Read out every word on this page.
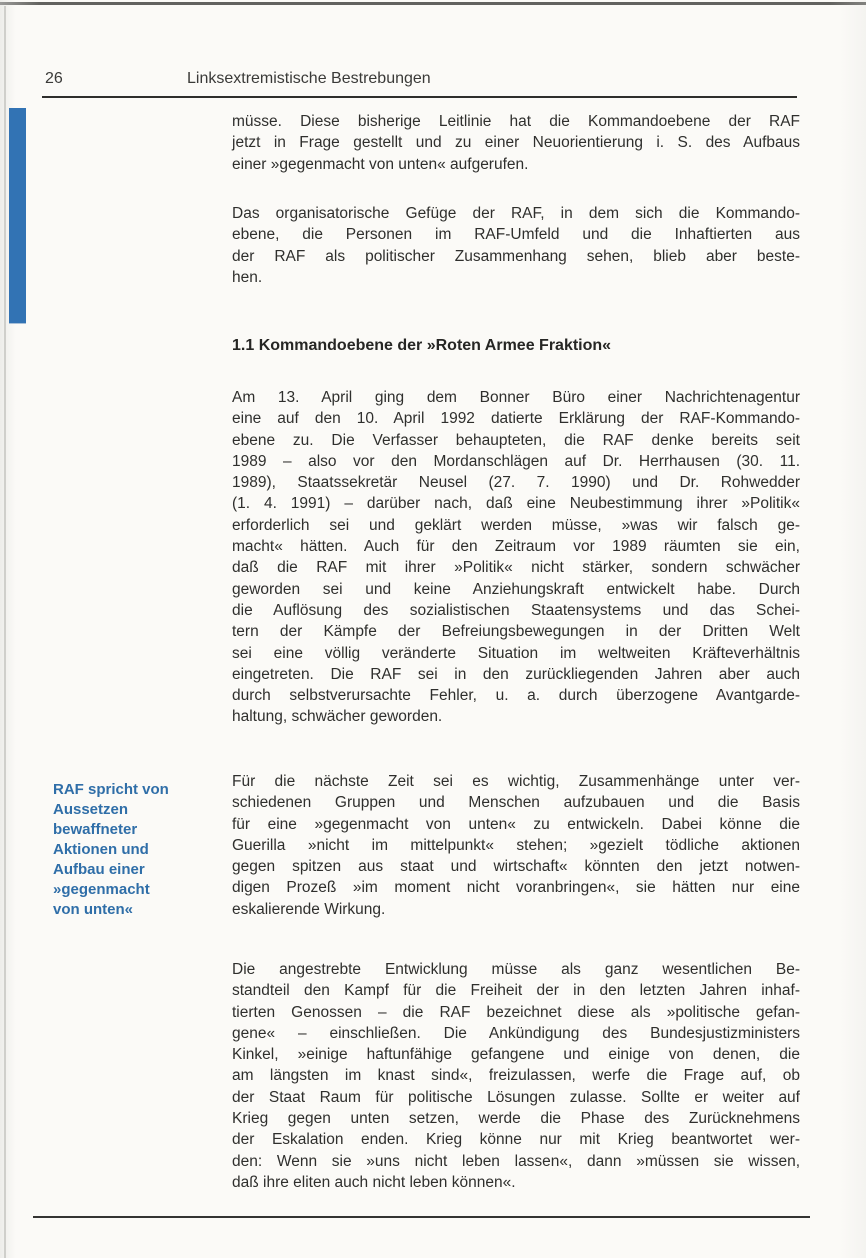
26	Linksextremistische Bestrebungen
müsse. Diese bisherige Leitlinie hat die Kommandoebene der RAF
jetzt in Frage gestellt und zu einer Neuorientierung i. S. des Aufbaus
einer »gegenmacht von unten« aufgerufen.
Das organisatorische Gefüge der RAF, in dem sich die Kommando-
ebene, die Personen im RAF-Umfeld und die Inhaftierten aus
der RAF als politischer Zusammenhang sehen, blieb aber beste-
hen.
1.1 Kommandoebene der »Roten Armee Fraktion«
Am 13. April ging dem Bonner Büro einer Nachrichtenagentur
eine auf den 10. April 1992 datierte Erklärung der RAF-Kommando-
ebene zu. Die Verfasser behaupteten, die RAF denke bereits seit
1989 – also vor den Mordanschlägen auf Dr. Herrhausen (30. 11.
1989), Staatssekretär Neusel (27. 7. 1990) und Dr. Rohwedder
(1. 4. 1991) – darüber nach, daß eine Neubestimmung ihrer »Politik«
erforderlich sei und geklärt werden müsse, »was wir falsch ge-
macht« hätten. Auch für den Zeitraum vor 1989 räumten sie ein,
daß die RAF mit ihrer »Politik« nicht stärker, sondern schwächer
geworden sei und keine Anziehungskraft entwickelt habe. Durch
die Auflösung des sozialistischen Staatensystems und das Schei-
tern der Kämpfe der Befreiungsbewegungen in der Dritten Welt
sei eine völlig veränderte Situation im weltweiten Kräfteverhältnis
eingetreten. Die RAF sei in den zurückliegenden Jahren aber auch
durch selbstverursachte Fehler, u. a. durch überzogene Avantgarde-
haltung, schwächer geworden.
RAF spricht von
Aussetzen
bewaffneter
Aktionen und
Aufbau einer
»gegenmacht
von unten«
Für die nächste Zeit sei es wichtig, Zusammenhänge unter ver-
schiedenen Gruppen und Menschen aufzubauen und die Basis
für eine »gegenmacht von unten« zu entwickeln. Dabei könne die
Guerilla »nicht im mittelpunkt« stehen; »gezielt tödliche aktionen
gegen spitzen aus staat und wirtschaft« könnten den jetzt notwen-
digen Prozeß »im moment nicht voranbringen«, sie hätten nur eine
eskalierende Wirkung.
Die angestrebte Entwicklung müsse als ganz wesentlichen Be-
standteil den Kampf für die Freiheit der in den letzten Jahren inhaf-
tierten Genossen – die RAF bezeichnet diese als »politische gefan-
gene« – einschließen. Die Ankündigung des Bundesjustizministers
Kinkel, »einige haftunfähige gefangene und einige von denen, die
am längsten im knast sind«, freizulassen, werfe die Frage auf, ob
der Staat Raum für politische Lösungen zulasse. Sollte er weiter auf
Krieg gegen unten setzen, werde die Phase des Zurücknehmens
der Eskalation enden. Krieg könne nur mit Krieg beantwortet wer-
den: Wenn sie »uns nicht leben lassen«, dann »müssen sie wissen,
daß ihre eliten auch nicht leben können«.
